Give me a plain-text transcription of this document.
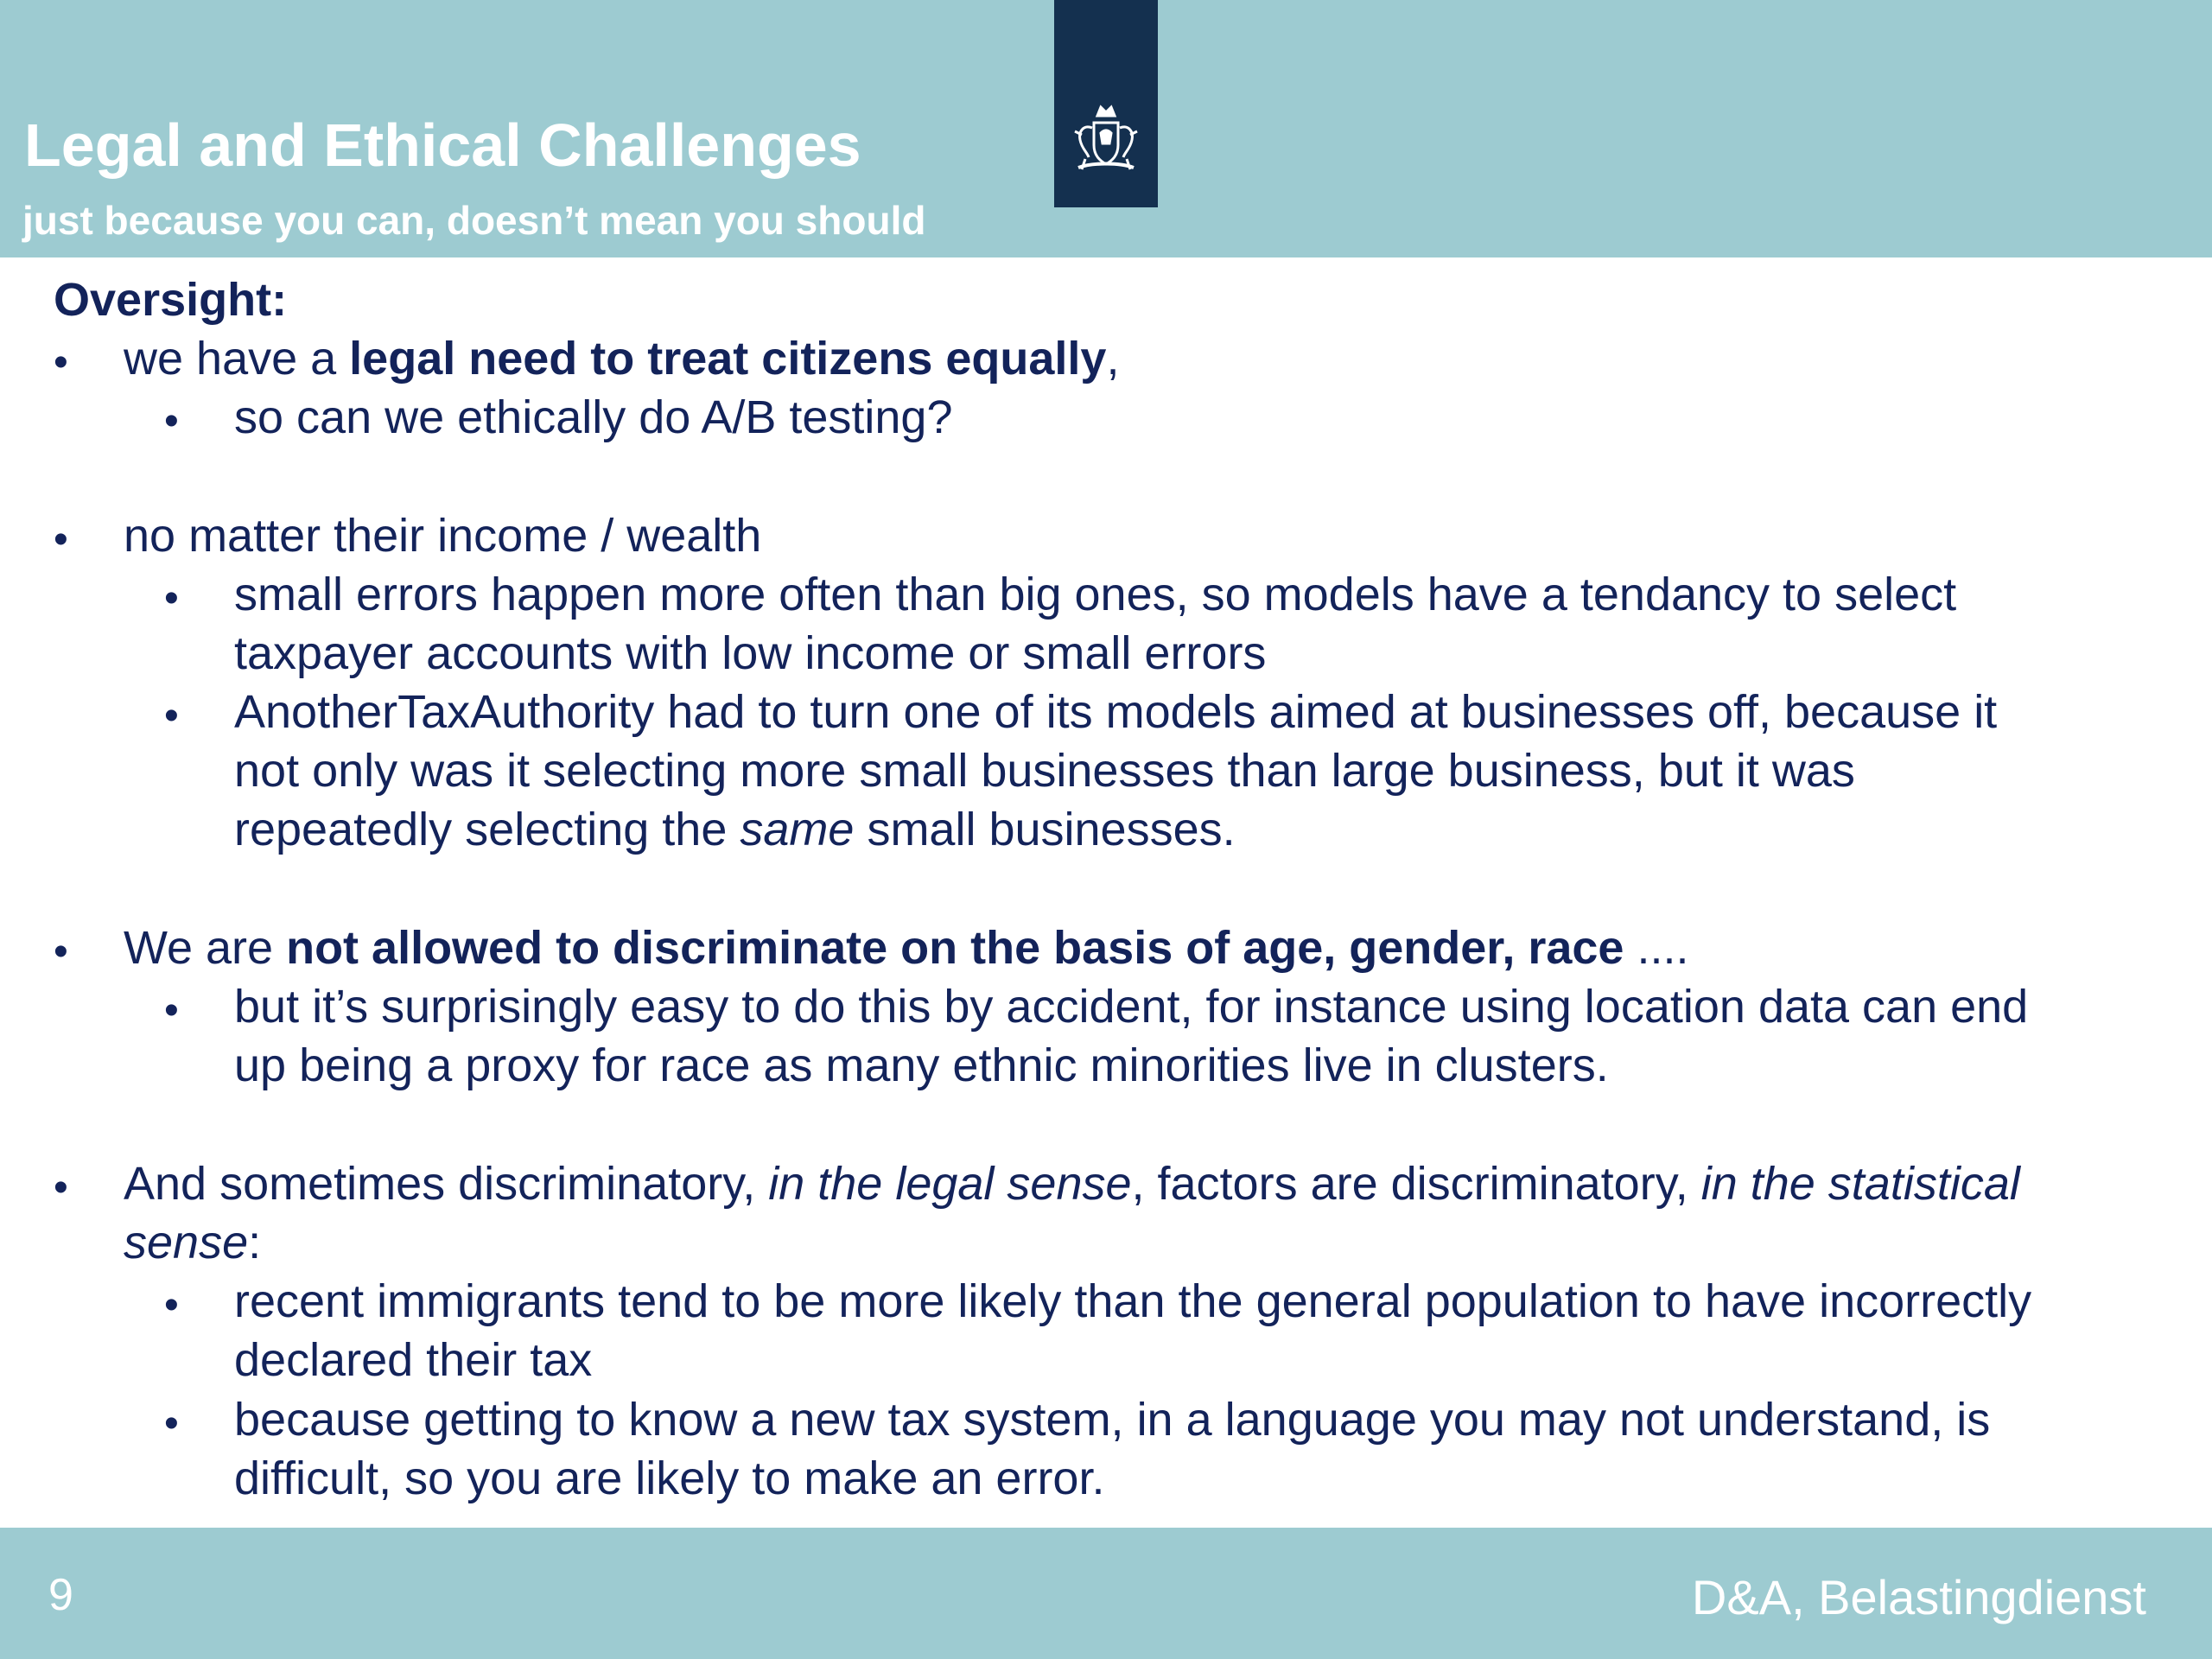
Legal and Ethical Challenges
just because you can, doesn’t mean you should
Oversight:
• we have a legal need to treat citizens equally,
• so can we ethically do A/B testing?
• no matter their income / wealth
• small errors happen more often than big ones, so models have a tendancy to select
taxpayer accounts with low income or small errors
• AnotherTaxAuthority had to turn one of its models aimed at businesses off, because it
not only was it selecting more small businesses than large business, but it was
repeatedly selecting the same small businesses.
• We are not allowed to discriminate on the basis of age, gender, race ....
• but it’s surprisingly easy to do this by accident, for instance using location data can end
up being a proxy for race as many ethnic minorities live in clusters.
• And sometimes discriminatory, in the legal sense, factors are discriminatory, in the statistical
sense:
• recent immigrants tend to be more likely than the general population to have incorrectly
declared their tax
• because getting to know a new tax system, in a language you may not understand, is
difficult, so you are likely to make an error.
9	D&A, Belastingdienst
